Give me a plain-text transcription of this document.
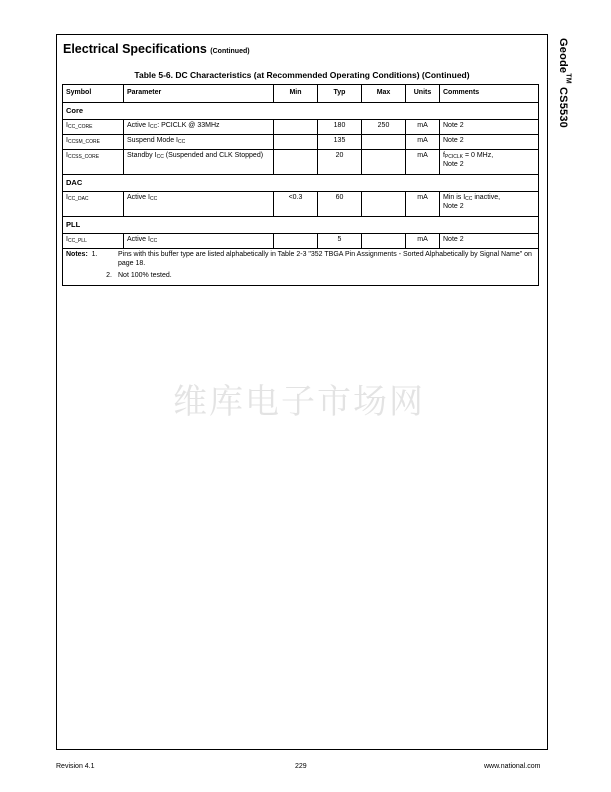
Geode™ CS5530
Electrical Specifications (Continued)
Table 5-6. DC Characteristics (at Recommended Operating Conditions) (Continued)
Symbol	Parameter	Min	Typ	Max	Units	Comments
Core						
$I_{CC\_CORE}$	Active $I_{CC}$: PCICLK @ 33MHz		180	250	mA	Note 2
$I_{CCSM\_CORE}$	Suspend Mode $I_{CC}$		135		mA	Note 2
$I_{CCSS\_CORE}$	Standby $I_{CC}$ (Suspended and CLK Stopped)		20		mA	$f_{PCICLK} = 0$ MHz,
Note 2
DAC						
$I_{CC\_DAC}$	Active $I_{CC}$	<0.3	60		mA	Min is $I_{CC}$ inactive,
Note 2
PLL						
$I_{CC\_PLL}$	Active $I_{CC}$		5		mA	Note 2

Notes: 1. Pins with this buffer type are listed alphabetically in Table 2-3 "352 TBGA Pin Assignments - Sorted Alphabetically by Signal Name" on page 18.
2. Not 100% tested.						
维库电子市场网
Revision 4.1	229	www.national.com
